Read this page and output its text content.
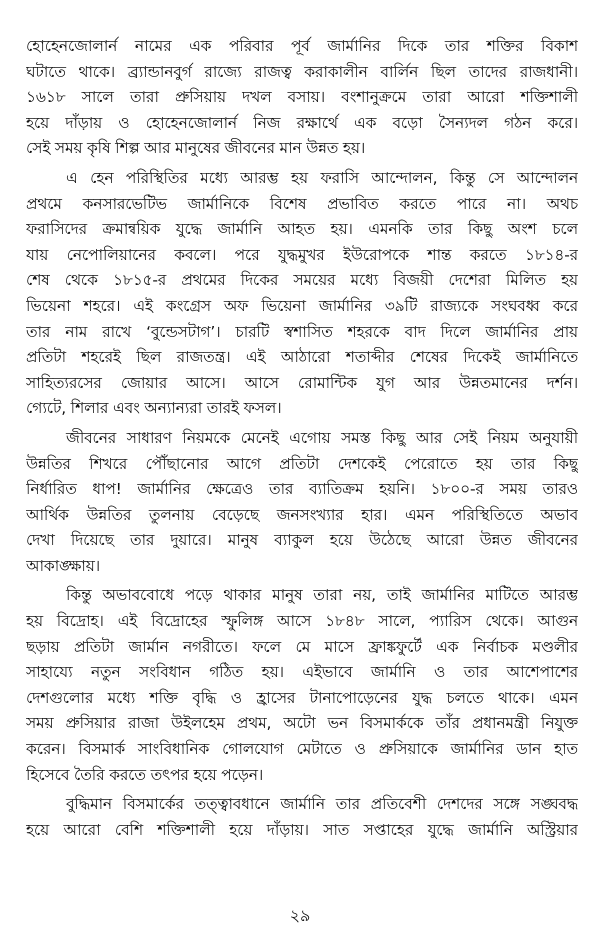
হোহেনজোলার্ন নামের এক পরিবার পূর্ব জার্মানির দিকে তার শক্তির বিকাশ
ঘটাতে থাকে। ব্র্যান্ডানবুর্গ রাজ্যে রাজত্ব করাকালীন বার্লিন ছিল তাদের রাজধানী।
১৬১৮ সালে তারা প্রুসিয়ায় দখল বসায়। বংশানুক্রমে তারা আরো শক্তিশালী
হয়ে দাঁড়ায় ও হোহেনজোলার্ন নিজ রক্ষার্থে এক বড়ো সৈন্যদল গঠন করে।
সেই সময় কৃষি শিল্প আর মানুষের জীবনের মান উন্নত হয়।
এ হেন পরিস্থিতির মধ্যে আরম্ভ হয় ফরাসি আন্দোলন, কিন্তু সে আন্দোলন
প্রথমে কনসারভেটিভ জার্মানিকে বিশেষ প্রভাবিত করতে পারে না। অথচ
ফরাসিদের ক্রমান্বয়িক যুদ্ধে জার্মানি আহত হয়। এমনকি তার কিছু অংশ চলে
যায় নেপোলিয়ানের কবলে। পরে যুদ্ধমুখর ইউরোপকে শান্ত করতে ১৮১৪-র
শেষ থেকে ১৮১৫-র প্রথমের দিকের সময়ের মধ্যে বিজয়ী দেশেরা মিলিত হয়
ভিয়েনা শহরে। এই কংগ্রেস অফ ভিয়েনা জার্মানির ৩৯টি রাজ্যকে সংঘবধ্ব করে
তার নাম রাখে ‘বুন্ডেসটাগ’। চারটি স্বশাসিত শহরকে বাদ দিলে জার্মানির প্রায়
প্রতিটা শহরেই ছিল রাজতন্ত্র। এই আঠারো শতাব্দীর শেষের দিকেই জার্মানিতে
সাহিত্যরসের জোয়ার আসে। আসে রোমান্টিক যুগ আর উন্নতমানের দর্শন।
গ্যেটে, শিলার এবং অন্যান্যরা তারই ফসল।
জীবনের সাধারণ নিয়মকে মেনেই এগোয় সমস্ত কিছু আর সেই নিয়ম অনুযায়ী
উন্নতির শিখরে পৌঁছানোর আগে প্রতিটা দেশকেই পেরোতে হয় তার কিছু
নির্ধারিত ধাপ! জার্মানির ক্ষেত্রেও তার ব্যাতিক্রম হয়নি। ১৮০০-র সময় তারও
আর্থিক উন্নতির তুলনায় বেড়েছে জনসংখ্যার হার। এমন পরিস্থিতিতে অভাব
দেখা দিয়েছে তার দুয়ারে। মানুষ ব্যাকুল হয়ে উঠেছে আরো উন্নত জীবনের
আকাঙ্ক্ষায়।
কিন্তু অভাববোধে পড়ে থাকার মানুষ তারা নয়, তাই জার্মানির মাটিতে আরম্ভ
হয় বিদ্রোহ। এই বিদ্রোহের স্ফুলিঙ্গ আসে ১৮৪৮ সালে, প্যারিস থেকে। আগুন
ছড়ায় প্রতিটা জার্মান নগরীতে। ফলে মে মাসে ফ্রাঙ্কফুর্টে এক নির্বাচক মণ্ডলীর
সাহায্যে নতুন সংবিধান গঠিত হয়। এইভাবে জার্মানি ও তার আশেপাশের
দেশগুলোর মধ্যে শক্তি বৃদ্ধি ও হ্রাসের টানাপোড়েনের যুদ্ধ চলতে থাকে। এমন
সময় প্রুসিয়ার রাজা উইলহেম প্রথম, অটো ভন বিসমার্ককে তাঁর প্রধানমন্ত্রী নিযুক্ত
করেন। বিসমার্ক সাংবিধানিক গোলযোগ মেটাতে ও প্রুসিয়াকে জার্মানির ডান হাত
হিসেবে তৈরি করতে তৎপর হয়ে পড়েন।
বুদ্ধিমান বিসমার্কের তত্ত্বাবধানে জার্মানি তার প্রতিবেশী দেশদের সঙ্গে সঙ্ঘবদ্ধ
হয়ে আরো বেশি শক্তিশালী হয়ে দাঁড়ায়। সাত সপ্তাহের যুদ্ধে জার্মানি অস্ট্রিয়ার
২৯
